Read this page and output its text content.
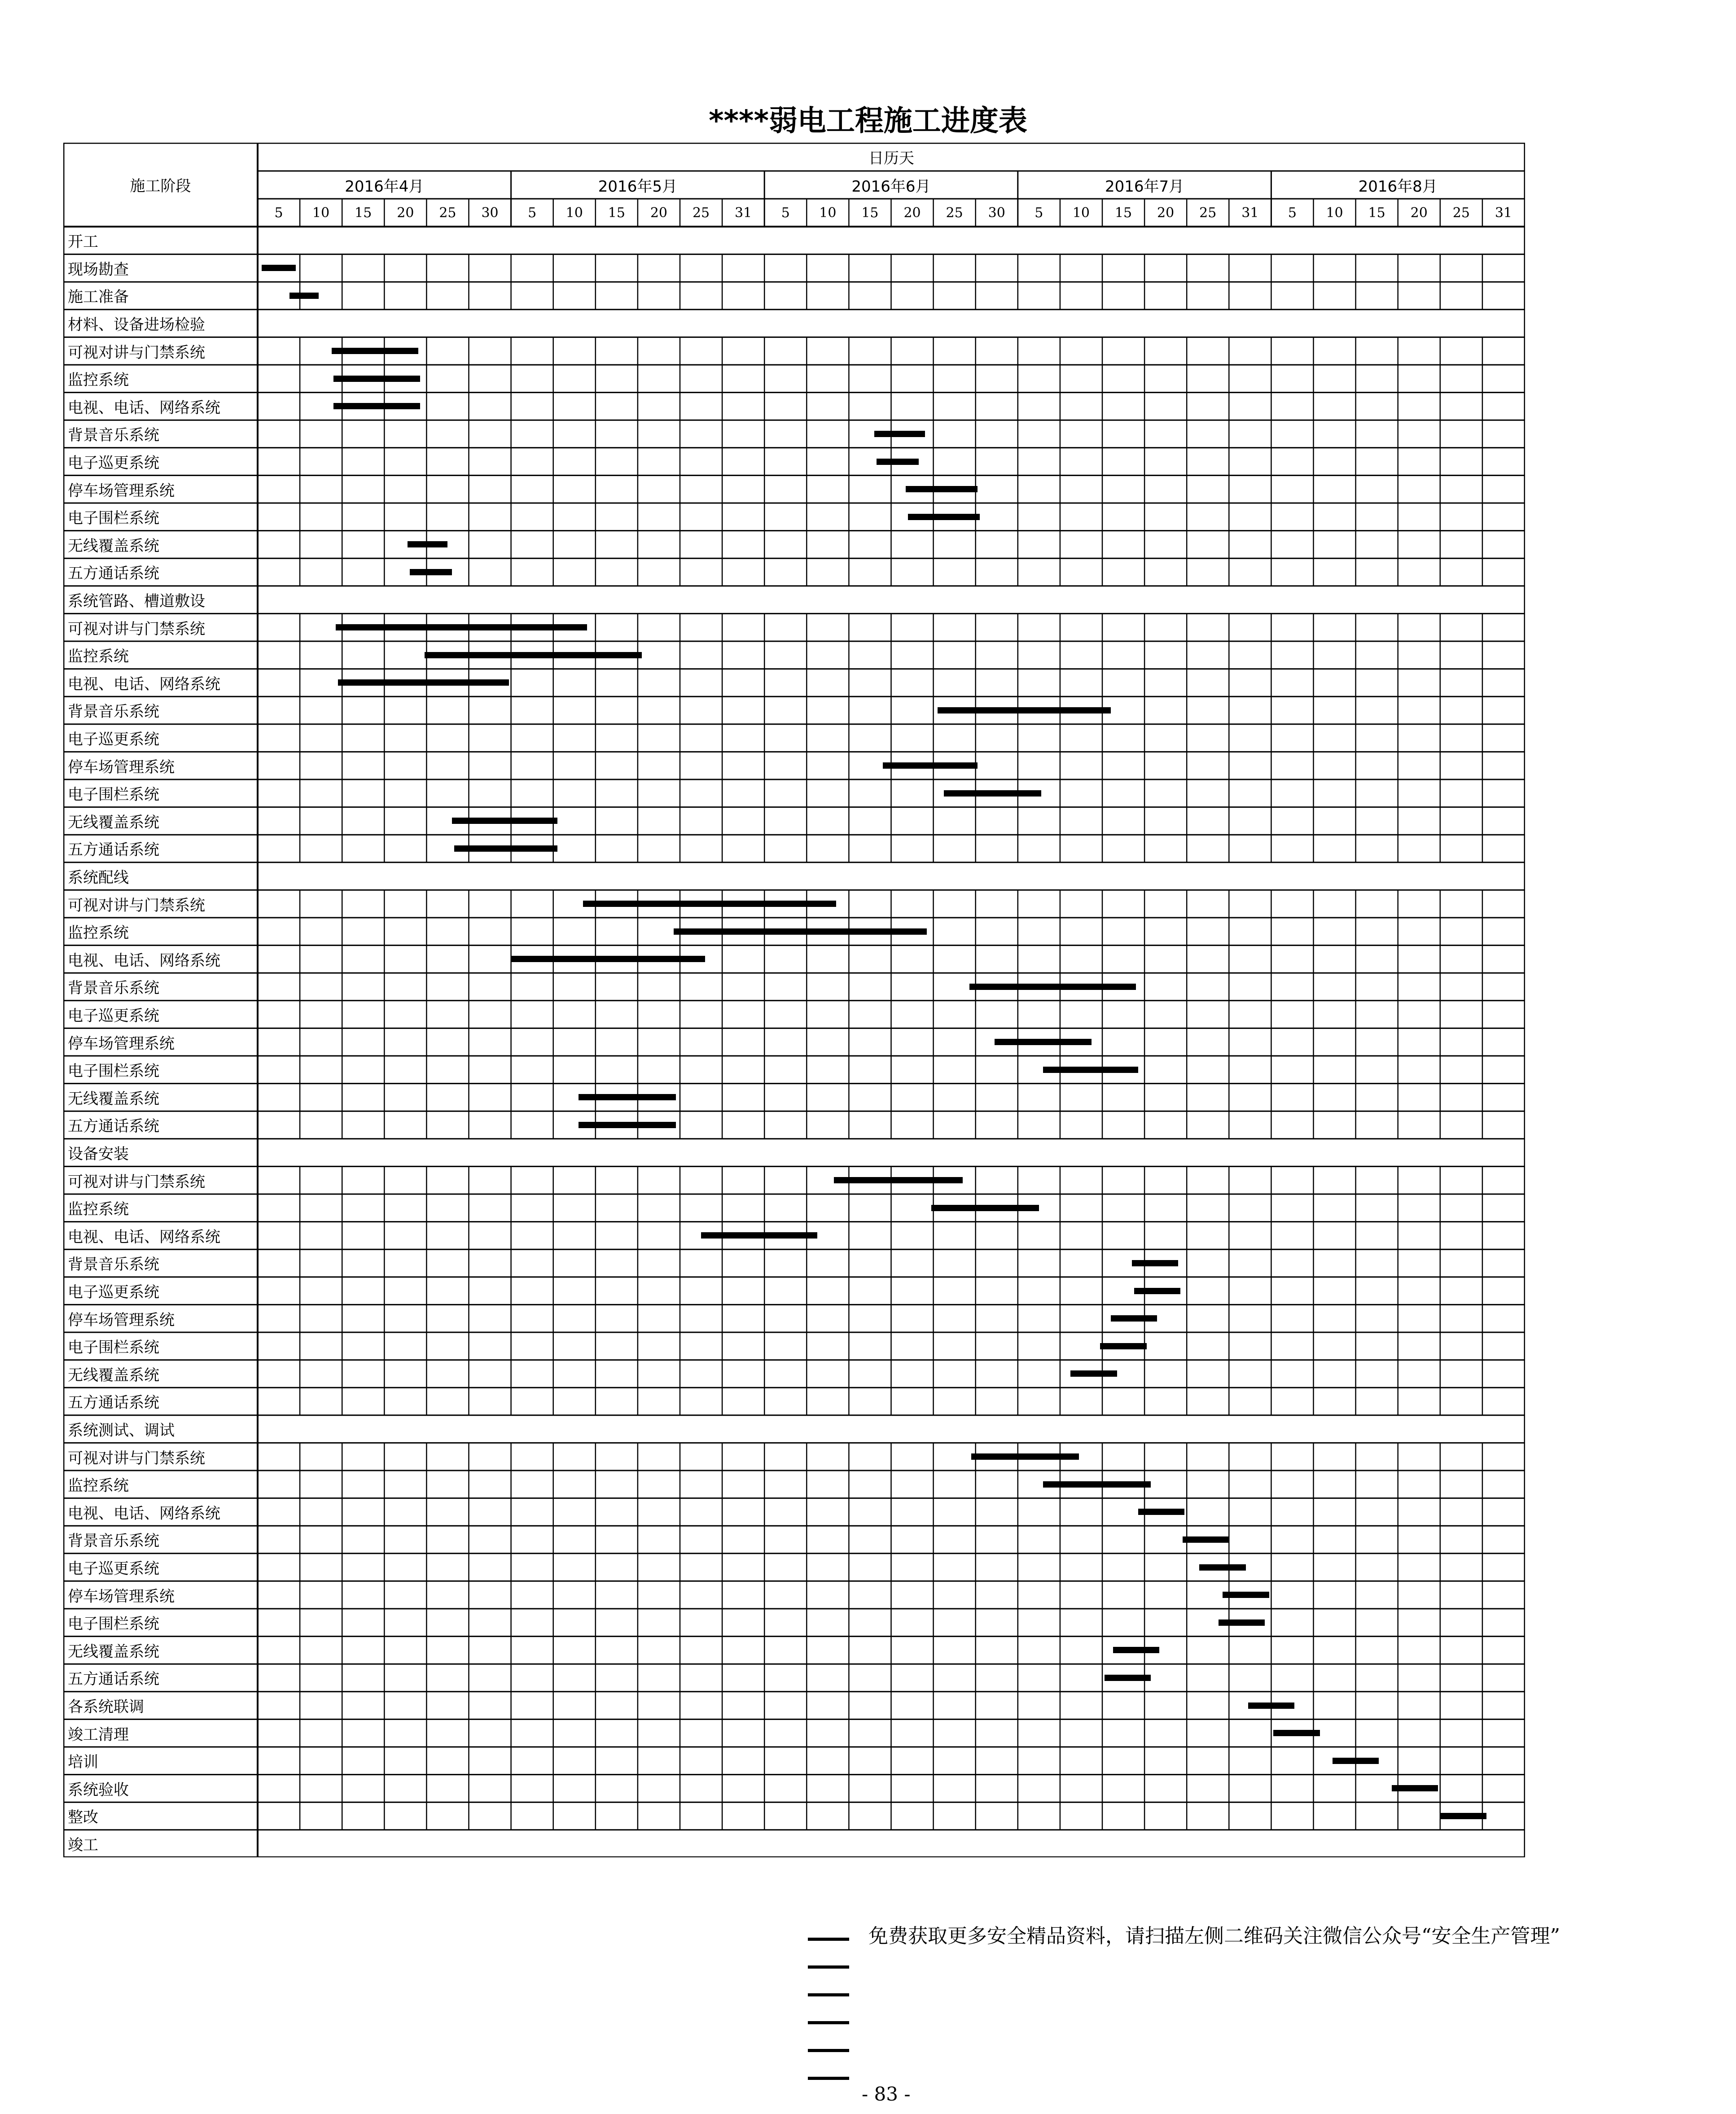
****弱电工程施工进度表
施工阶段
日历天
2016年4月	2016年5月	2016年6月	2016年7月	2016年8月
5	10	15	20	25	30	5	10	15	20	25	31	5	10	15	20	25	30	5	10	15	20	25	31	5	10	15	20	25	31
开工
现场勘查
施工准备
材料、设备进场检验
可视对讲与门禁系统
监控系统
电视、电话、网络系统
背景音乐系统
电子巡更系统
停车场管理系统
电子围栏系统
无线覆盖系统
五方通话系统
系统管路、槽道敷设
可视对讲与门禁系统
监控系统
电视、电话、网络系统
背景音乐系统
电子巡更系统
停车场管理系统
电子围栏系统
无线覆盖系统
五方通话系统
系统配线
可视对讲与门禁系统
监控系统
电视、电话、网络系统
背景音乐系统
电子巡更系统
停车场管理系统
电子围栏系统
无线覆盖系统
五方通话系统
设备安装
可视对讲与门禁系统
监控系统
电视、电话、网络系统
背景音乐系统
电子巡更系统
停车场管理系统
电子围栏系统
无线覆盖系统
五方通话系统
系统测试、调试
可视对讲与门禁系统
监控系统
电视、电话、网络系统
背景音乐系统
电子巡更系统
停车场管理系统
电子围栏系统
无线覆盖系统
五方通话系统
各系统联调
竣工清理
培训
系统验收
整改
竣工
免费获取更多安全精品资料，请扫描左侧二维码关注微信公众号“安全生产管理”
- 83 -
